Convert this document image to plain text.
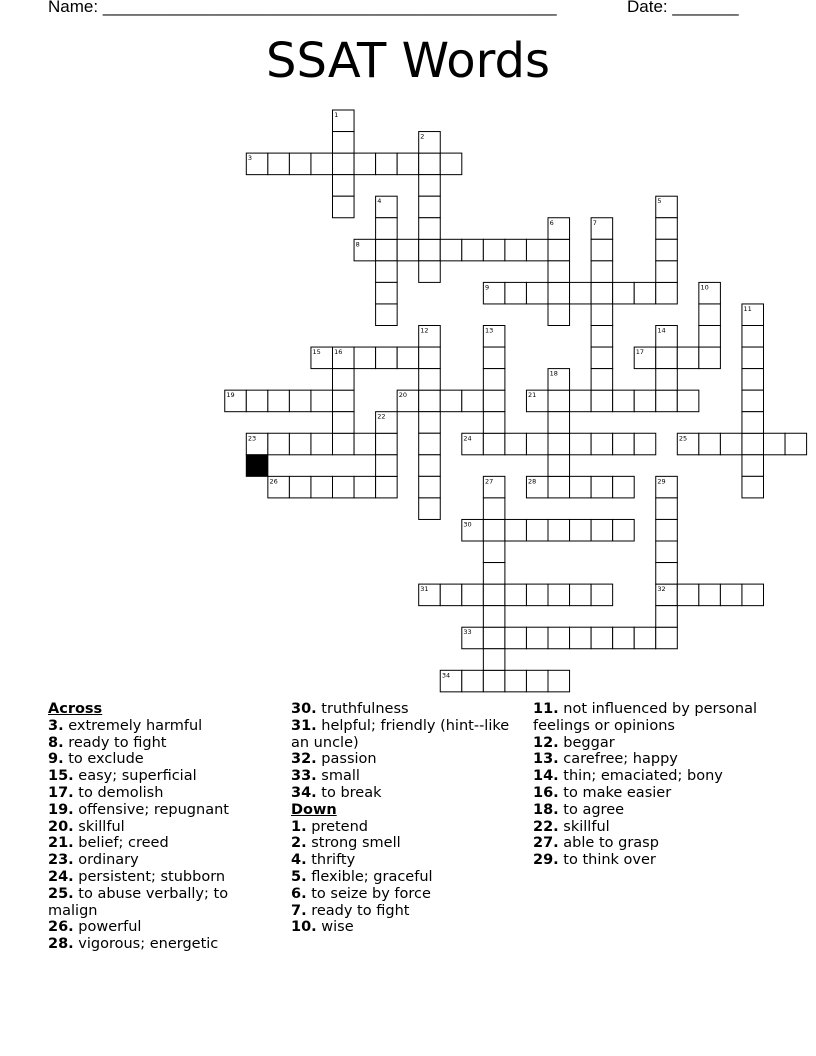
Name: ________________________________________________	Date: _______
SSAT Words
1
2
3
4	5
6	7
8
9	10
11
12	13	14
15 16	17
18
19	20	21
22
23	24	25
26	27	28	29
30
31	32
33
34
Across
3. extremely harmful
8. ready to fight
9. to exclude
15. easy; superficial
17. to demolish
19. offensive; repugnant
20. skillful
21. belief; creed
23. ordinary
24. persistent; stubborn
25. to abuse verbally; to malign
26. powerful
28. vigorous; energetic
30. truthfulness
31. helpful; friendly (hint--like an uncle)
32. passion
33. small
34. to break
Down
1. pretend
2. strong smell
4. thrifty
5. flexible; graceful
6. to seize by force
7. ready to fight
10. wise
11. not influenced by personal feelings or opinions
12. beggar
13. carefree; happy
14. thin; emaciated; bony
16. to make easier
18. to agree
22. skillful
27. able to grasp
29. to think over
